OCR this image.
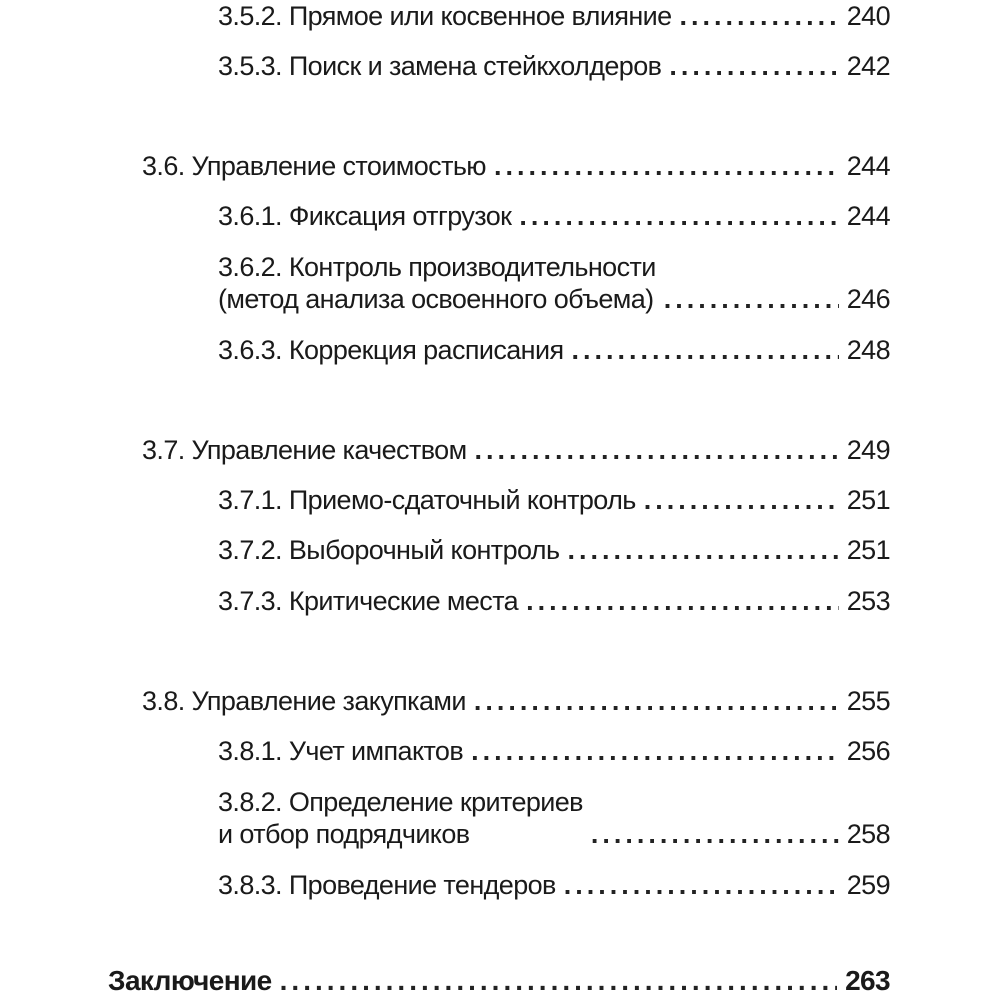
3.5.2. Прямое или косвенное влияние .....	240
3.5.3. Поиск и замена стейкхолдеров .....	242
3.6. Управление стоимостью .....	244
3.6.1. Фиксация отгрузок .....	244
3.6.2. Контроль производительности
(метод анализа освоенного объема) .....	246
3.6.3. Коррекция расписания .....	248
3.7. Управление качеством .....	249
3.7.1. Приемо-сдаточный контроль .....	251
3.7.2. Выборочный контроль .....	251
3.7.3. Критические места .....	253
3.8. Управление закупками .....	255
3.8.1. Учет импактов .....	256
3.8.2. Определение критериев
и отбор подрядчиков .....	258
3.8.3. Проведение тендеров .....	259
Заключение .....	263
